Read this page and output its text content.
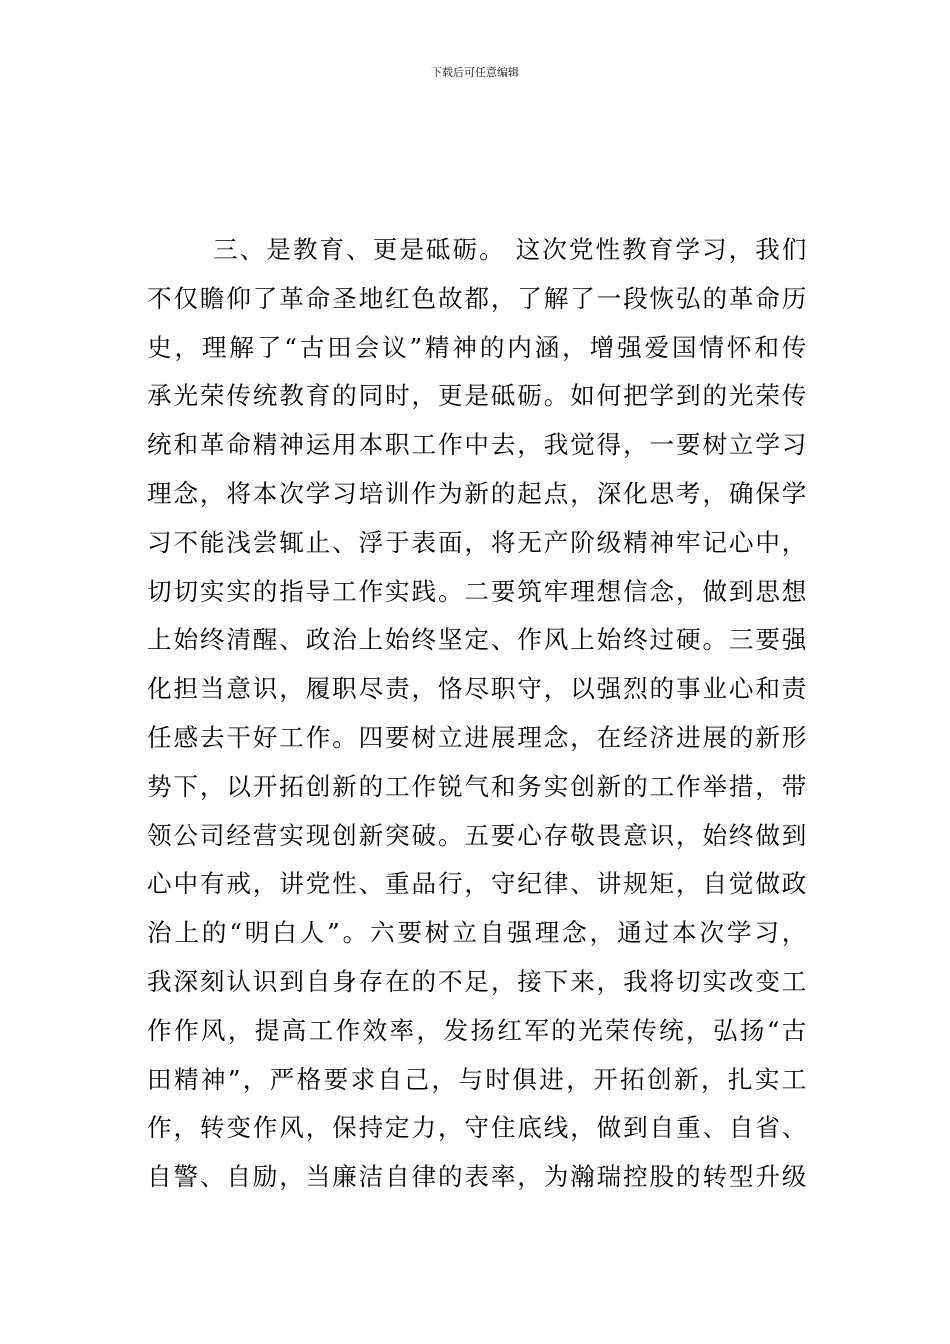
下载后可任意编辑
三、是教育、更是砥砺。 这次党性教育学习，我们
不仅瞻仰了革命圣地红色故都，了解了一段恢弘的革命历
史，理解了“古田会议”精神的内涵，增强爱国情怀和传
承光荣传统教育的同时，更是砥砺。如何把学到的光荣传
统和革命精神运用本职工作中去，我觉得，一要树立学习
理念，将本次学习培训作为新的起点，深化思考，确保学
习不能浅尝辄止、浮于表面，将无产阶级精神牢记心中，
切切实实的指导工作实践。二要筑牢理想信念，做到思想
上始终清醒、政治上始终坚定、作风上始终过硬。三要强
化担当意识，履职尽责，恪尽职守，以强烈的事业心和责
任感去干好工作。四要树立进展理念，在经济进展的新形
势下，以开拓创新的工作锐气和务实创新的工作举措，带
领公司经营实现创新突破。五要心存敬畏意识，始终做到
心中有戒，讲党性、重品行，守纪律、讲规矩，自觉做政
治上的“明白人”。六要树立自强理念，通过本次学习，
我深刻认识到自身存在的不足，接下来，我将切实改变工
作作风，提高工作效率，发扬红军的光荣传统，弘扬“古
田精神”，严格要求自己，与时俱进，开拓创新，扎实工
作，转变作风，保持定力，守住底线，做到自重、自省、
自警、自励，当廉洁自律的表率，为瀚瑞控股的转型升级
